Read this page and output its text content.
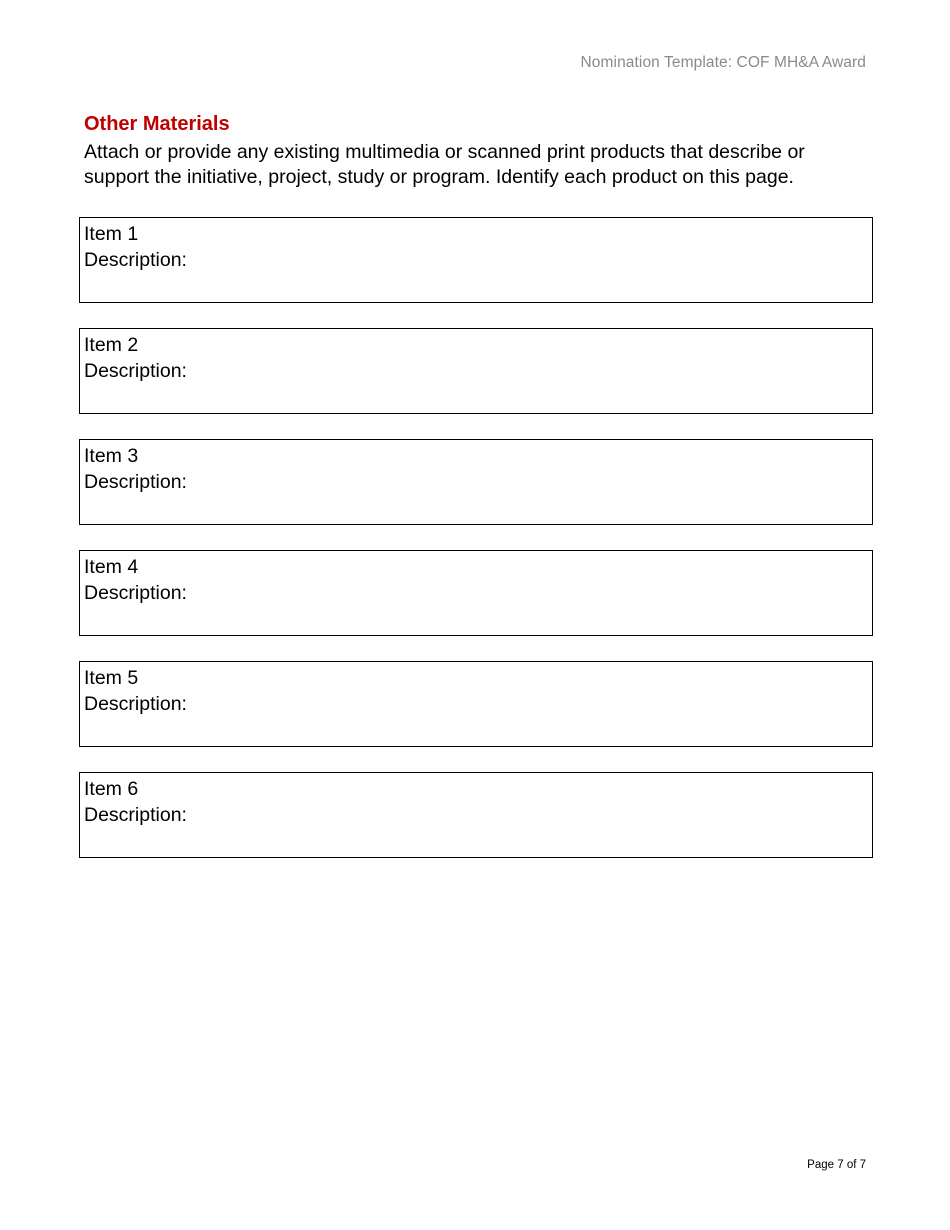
Nomination Template: COF MH&A Award
Other Materials
Attach or provide any existing multimedia or scanned print products that describe or support the initiative, project, study or program. Identify each product on this page.
Item 1
Description:
Item 2
Description:
Item 3
Description:
Item 4
Description:
Item 5
Description:
Item 6
Description:
Page 7 of 7
